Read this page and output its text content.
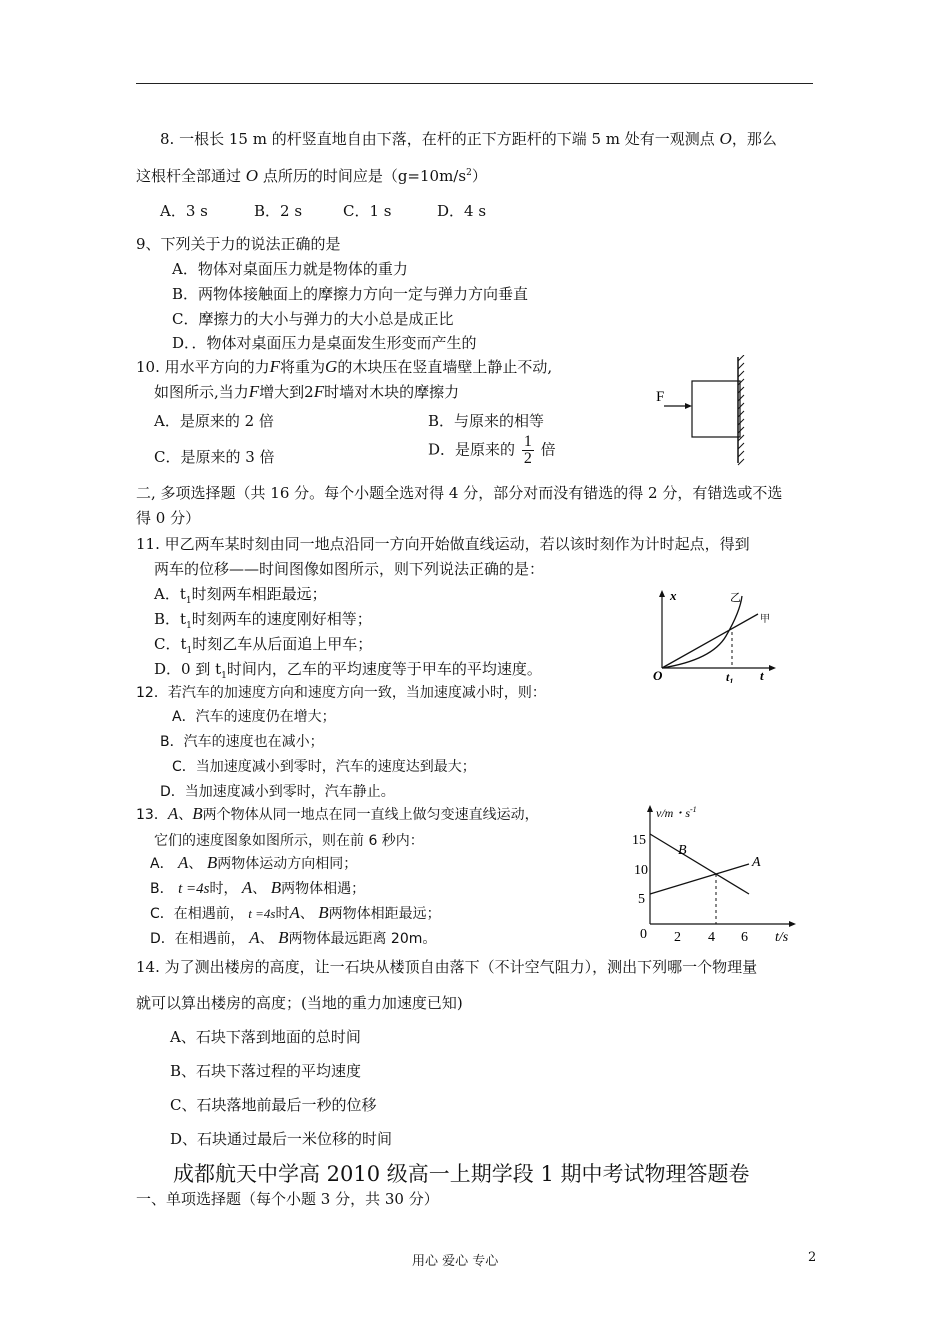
8. 一根长 15 m 的杆竖直地自由下落，在杆的正下方距杆的下端 5 m 处有一观测点 O，那么
这根杆全部通过 O 点所历的时间应是$(g=10m/s^2)$
A．3 s	B．2 s	C．1 s	D．4 s
9、下列关于力的说法正确的是
A．物体对桌面压力就是物体的重力
B．两物体接触面上的摩擦力方向一定与弹力方向垂直
C．摩擦力的大小与弹力的大小总是成正比
D．．物体对桌面压力是桌面发生形变而产生的
10. 用水平方向的力F将重为G的木块压在竖直墙壁上静止不动,
如图所示,当力F增大到2F时墙对木块的摩擦力
A．是原来的 2 倍	B．与原来的相等
C．是原来的 3 倍	D．是原来的 $\frac{1}{2}$ 倍
F
二, 多项选择题（共 16 分。每个小题全选对得 4 分，部分对而没有错选的得 2 分，有错选或不选
得 0 分）
11. 甲乙两车某时刻由同一地点沿同一方向开始做直线运动，若以该时刻作为计时起点，得到
两车的位移——时间图像如图所示，则下列说法正确的是：
A．$t_1$时刻两车相距最远；
B．$t_1$时刻两车的速度刚好相等；
C．$t_1$时刻乙车从后面追上甲车；
D．0 到 $t_1$时间内，乙车的平均速度等于甲车的平均速度。
x
O	$t_1$ t
乙
甲
12．若汽车的加速度方向和速度方向一致，当加速度减小时，则：
A．汽车的速度仍在增大；
B．汽车的速度也在减小；
C．当加速度减小到零时，汽车的速度达到最大；
D．当加速度减小到零时，汽车静止。
13．A、B两个物体从同一地点在同一直线上做匀变速直线运动，
它们的速度图象如图所示，则在前 6 秒内：
A． A、 B两物体运动方向相同；
B． t =4s时， A、 B两物体相遇；
C．在相遇前， t =4s时A、 B两物体相距最远；
D．在相遇前， A、 B两物体最远距离 20m。
v/m・$s^{-1}$
15
10
5
0 2 4 6 t/s
B
A
14. 为了测出楼房的高度，让一石块从楼顶自由落下（不计空气阻力），测出下列哪一个物理量
就可以算出楼房的高度；(当地的重力加速度已知)
A、石块下落到地面的总时间
B、石块下落过程的平均速度
C、石块落地前最后一秒的位移
D、石块通过最后一米位移的时间
成都航天中学高 2010 级高一上期学段 1 期中考试物理答题卷
一、单项选择题（每个小题 3 分，共 30 分）
用心 爱心 专心	2
